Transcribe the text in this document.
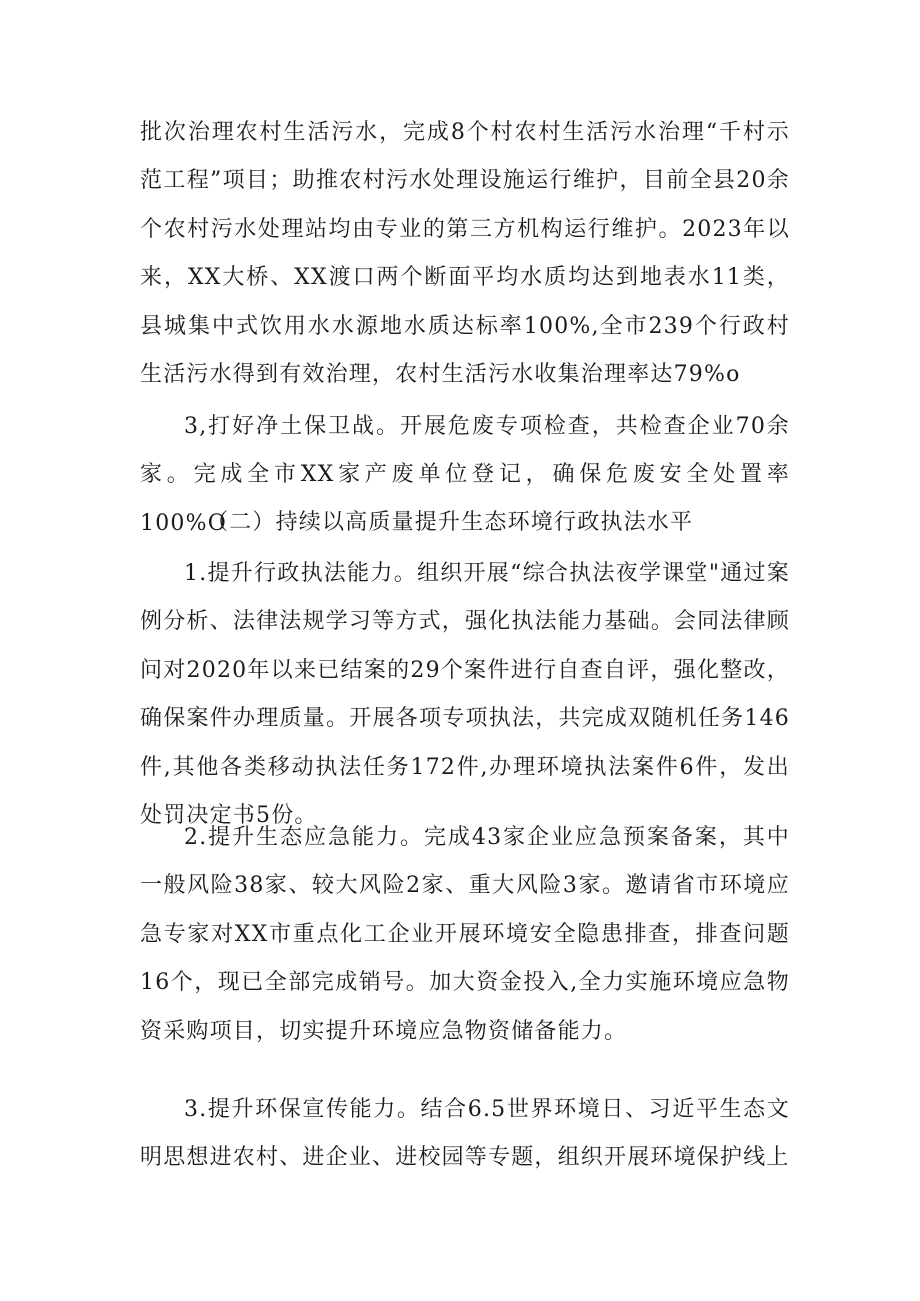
批次治理农村生活污水，完成8个村农村生活污水治理“千村示范工程”项目；助推农村污水处理设施运行维护，目前全县20余个农村污水处理站均由专业的第三方机构运行维护。2023年以来，XX大桥、XX渡口两个断面平均水质均达到地表水11类，县城集中式饮用水水源地水质达标率100%,全市239个行政村生活污水得到有效治理，农村生活污水收集治理率达79%o

3,打好净土保卫战。开展危废专项检查，共检查企业70余家。完成全市XX家产废单位登记，确保危废安全处置率100%O

（二）持续以高质量提升生态环境行政执法水平

1.提升行政执法能力。组织开展“综合执法夜学课堂"通过案例分析、法律法规学习等方式，强化执法能力基础。会同法律顾问对2020年以来已结案的29个案件进行自查自评，强化整改，确保案件办理质量。开展各项专项执法，共完成双随机任务146件,其他各类移动执法任务172件,办理环境执法案件6件，发出处罚决定书5份。

2.提升生态应急能力。完成43家企业应急预案备案，其中一般风险38家、较大风险2家、重大风险3家。邀请省市环境应急专家对XX市重点化工企业开展环境安全隐患排查，排查问题16个，现已全部完成销号。加大资金投入,全力实施环境应急物资采购项目，切实提升环境应急物资储备能力。

3.提升环保宣传能力。结合6.5世界环境日、习近平生态文明思想进农村、进企业、进校园等专题，组织开展环境保护线上
